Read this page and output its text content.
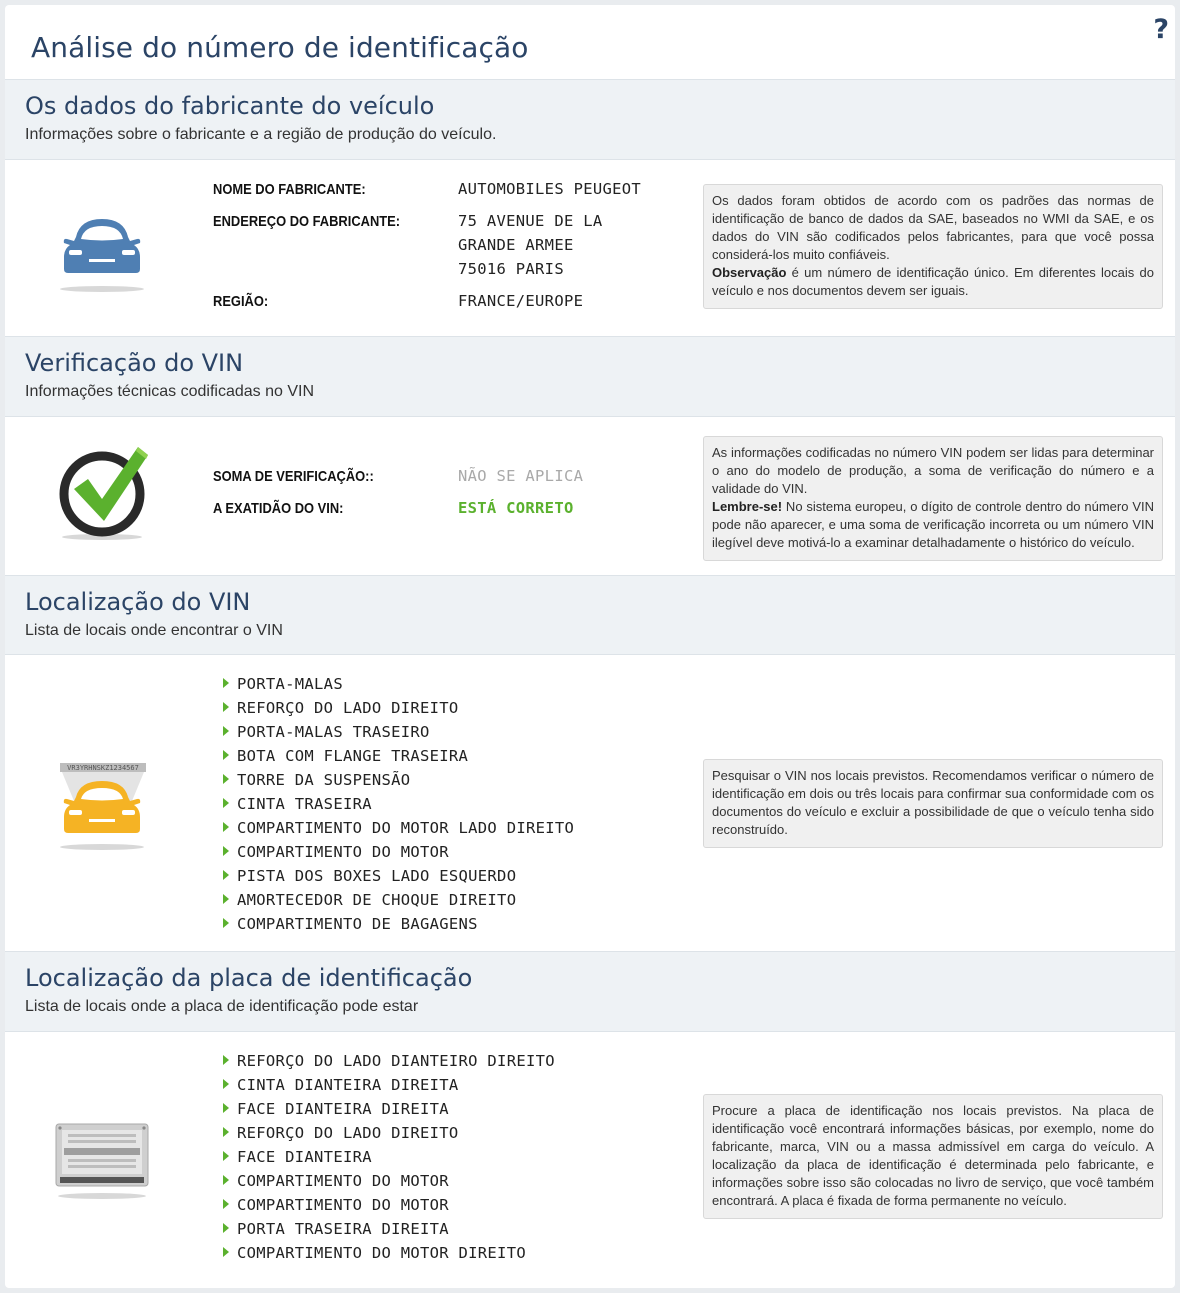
Análise do número de identificação
?
Os dados do fabricante do veículo

Informações sobre o fabricante e a região de produção do veículo.

NOME DO FABRICANTE:	AUTOMOBILES PEUGEOT
ENDEREÇO DO FABRICANTE:	75 AVENUE DE LA
GRANDE ARMEE
75016 PARIS
REGIÃO:	FRANCE/EUROPE
Os dados foram obtidos de acordo com os padrões das normas de identificação de banco de dados da SAE, baseados no WMI da SAE, e os dados do VIN são codificados pelos fabricantes, para que você possa considerá-los muito confiáveis.
Observação é um número de identificação único. Em diferentes locais do veículo e nos documentos devem ser iguais.
Verificação do VIN

Informações técnicas codificadas no VIN

SOMA DE VERIFICAÇÃO::	NÃO SE APLICA
A EXATIDÃO DO VIN:	ESTÁ CORRETO
As informações codificadas no número VIN podem ser lidas para determinar o ano do modelo de produção, a soma de verificação do número e a validade do VIN.
Lembre-se! No sistema europeu, o dígito de controle dentro do número VIN pode não aparecer, e uma soma de verificação incorreta ou um número VIN ilegível deve motivá-lo a examinar detalhadamente o histórico do veículo.
Localização do VIN

Lista de locais onde encontrar o VIN

VR3YRHNSKZ1234567
PORTA-MALAS
REFORÇO DO LADO DIREITO
PORTA-MALAS TRASEIRO
BOTA COM FLANGE TRASEIRA
TORRE DA SUSPENSÃO
CINTA TRASEIRA
COMPARTIMENTO DO MOTOR LADO DIREITO
COMPARTIMENTO DO MOTOR
PISTA DOS BOXES LADO ESQUERDO
AMORTECEDOR DE CHOQUE DIREITO
COMPARTIMENTO DE BAGAGENS
Pesquisar o VIN nos locais previstos. Recomendamos verificar o número de identificação em dois ou três locais para confirmar sua conformidade com os documentos do veículo e excluir a possibilidade de que o veículo tenha sido reconstruído.
Localização da placa de identificação

Lista de locais onde a placa de identificação pode estar

REFORÇO DO LADO DIANTEIRO DIREITO
CINTA DIANTEIRA DIREITA
FACE DIANTEIRA DIREITA
REFORÇO DO LADO DIREITO
FACE DIANTEIRA
COMPARTIMENTO DO MOTOR
COMPARTIMENTO DO MOTOR
PORTA TRASEIRA DIREITA
COMPARTIMENTO DO MOTOR DIREITO
Procure a placa de identificação nos locais previstos. Na placa de identificação você encontrará informações básicas, por exemplo, nome do fabricante, marca, VIN ou a massa admissível em carga do veículo. A localização da placa de identificação é determinada pelo fabricante, e informações sobre isso são colocadas no livro de serviço, que você também encontrará. A placa é fixada de forma permanente no veículo.
